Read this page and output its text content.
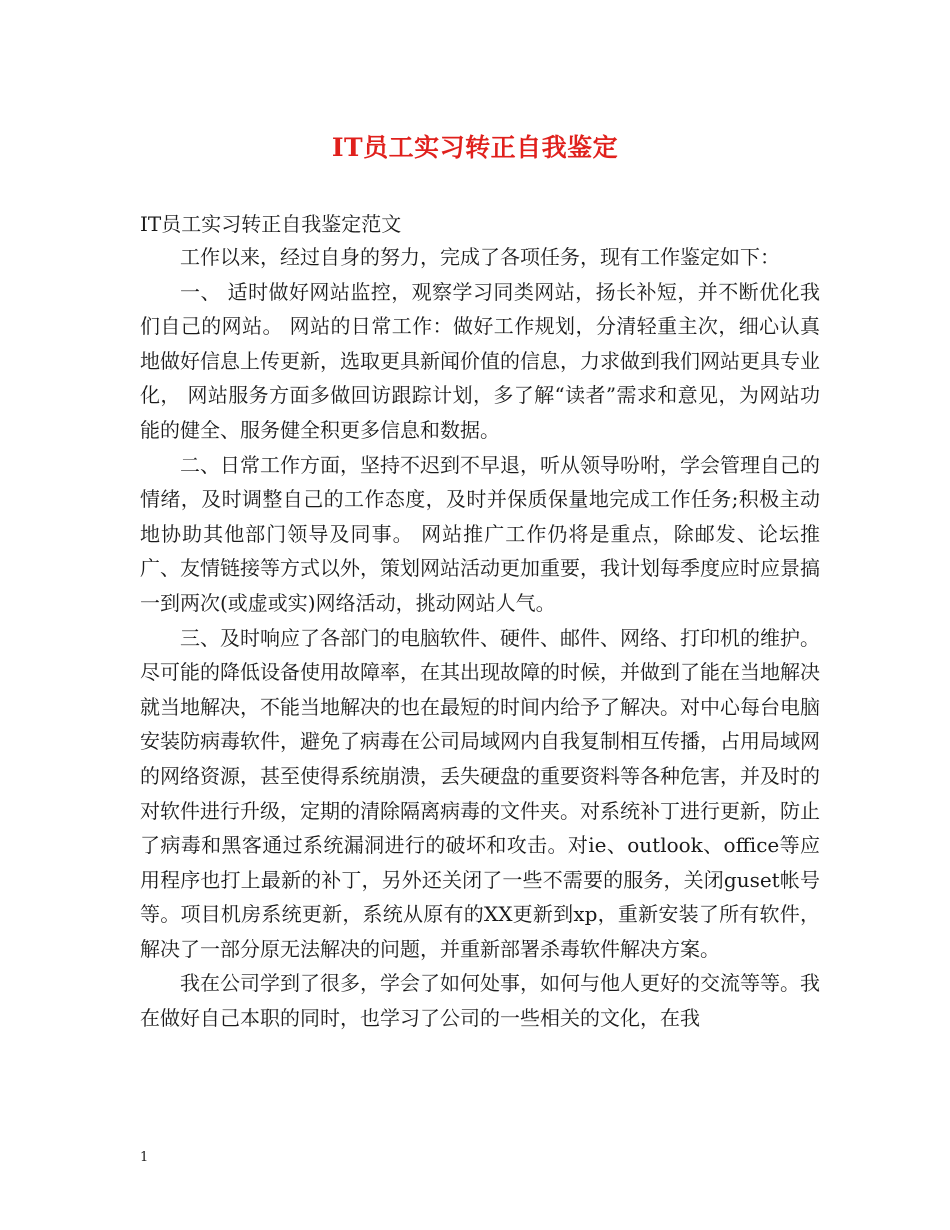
IT员工实习转正自我鉴定
IT员工实习转正自我鉴定范文

工作以来，经过自身的努力，完成了各项任务，现有工作鉴定如下：

一、 适时做好网站监控，观察学习同类网站，扬长补短，并不断优化我们自己的网站。 网站的日常工作：做好工作规划，分清轻重主次，细心认真地做好信息上传更新，选取更具新闻价值的信息，力求做到我们网站更具专业化， 网站服务方面多做回访跟踪计划，多了解“读者”需求和意见，为网站功能的健全、服务健全积更多信息和数据。

二、日常工作方面，坚持不迟到不早退，听从领导吩咐，学会管理自己的情绪，及时调整自己的工作态度，及时并保质保量地完成工作任务;积极主动地协助其他部门领导及同事。 网站推广工作仍将是重点，除邮发、论坛推广、友情链接等方式以外，策划网站活动更加重要，我计划每季度应时应景搞一到两次(或虚或实)网络活动，挑动网站人气。

三、及时响应了各部门的电脑软件、硬件、邮件、网络、打印机的维护。尽可能的降低设备使用故障率，在其出现故障的时候，并做到了能在当地解决就当地解决，不能当地解决的也在最短的时间内给予了解决。对中心每台电脑安装防病毒软件，避免了病毒在公司局域网内自我复制相互传播，占用局域网的网络资源，甚至使得系统崩溃，丢失硬盘的重要资料等各种危害，并及时的对软件进行升级，定期的清除隔离病毒的文件夹。对系统补丁进行更新，防止了病毒和黑客通过系统漏洞进行的破坏和攻击。对ie、outlook、office等应用程序也打上最新的补丁，另外还关闭了一些不需要的服务，关闭guset帐号等。项目机房系统更新，系统从原有的XX更新到xp，重新安装了所有软件，解决了一部分原无法解决的问题，并重新部署杀毒软件解决方案。

我在公司学到了很多，学会了如何处事，如何与他人更好的交流等等。我在做好自己本职的同时，也学习了公司的一些相关的文化，在我

1
